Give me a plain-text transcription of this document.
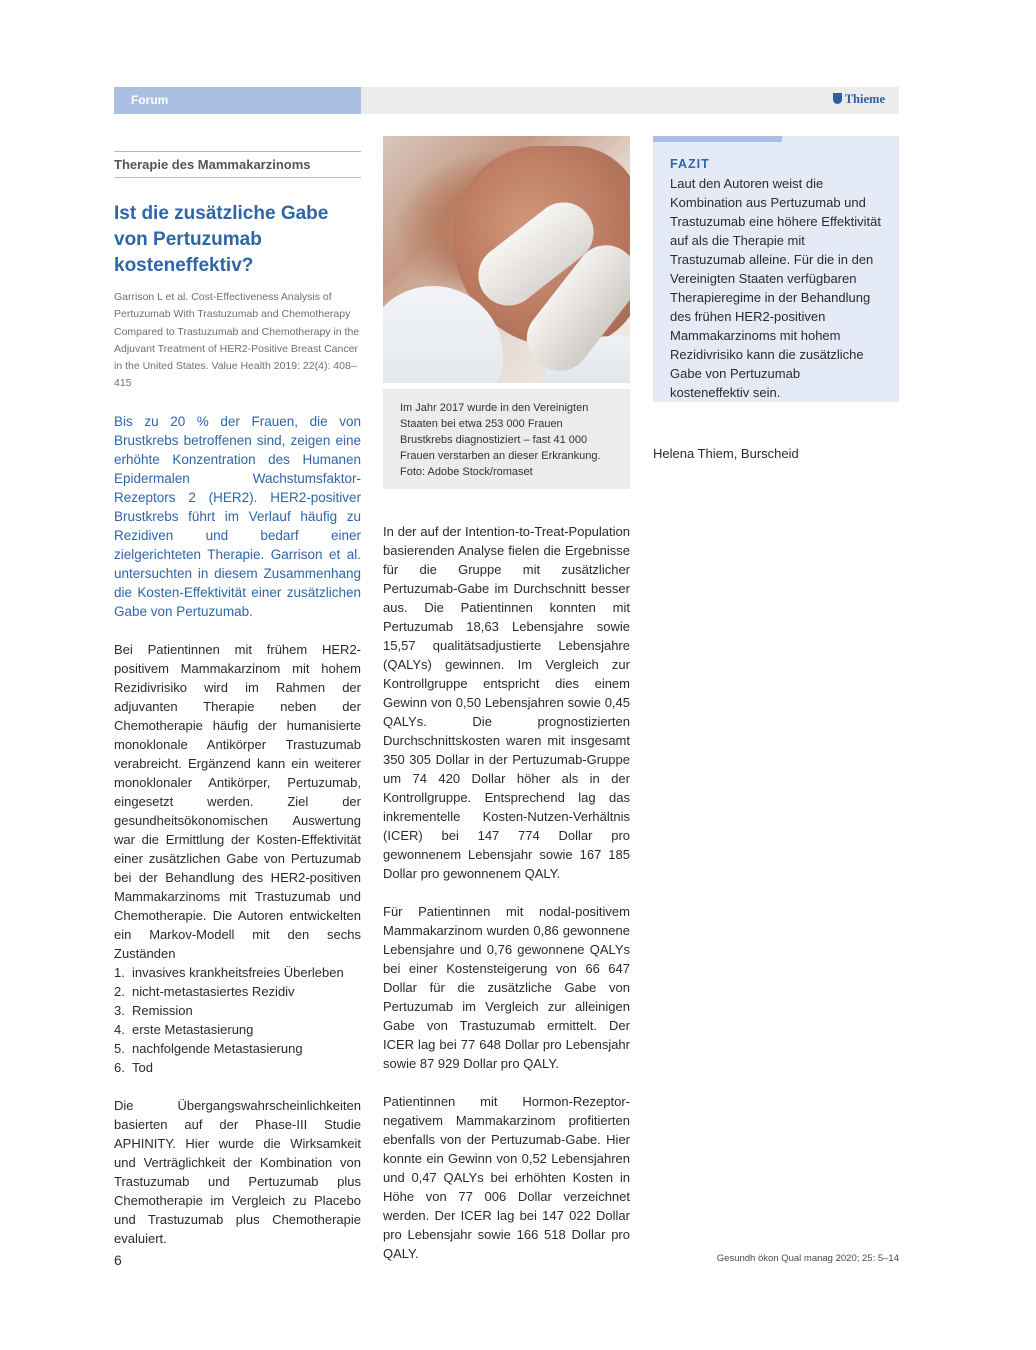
Forum	Thieme
Therapie des Mammakarzinoms
Ist die zusätzliche Gabe von Pertuzumab kosteneffektiv?

Garrison L et al. Cost-Effectiveness Analysis of Pertuzumab With Trastuzumab and Chemotherapy Compared to Trastuzumab and Chemotherapy in the Adjuvant Treatment of HER2-Positive Breast Cancer in the United States. Value Health 2019: 22(4): 408–415

Bis zu 20 % der Frauen, die von Brustkrebs betroffenen sind, zeigen eine erhöhte Konzentration des Humanen Epidermalen Wachstumsfaktor-Rezeptors 2 (HER2). HER2-positiver Brustkrebs führt im Verlauf häufig zu Rezidiven und bedarf einer zielgerichteten Therapie. Garrison et al. untersuchten in diesem Zusammenhang die Kosten-Effektivität einer zusätzlichen Gabe von Pertuzumab.

Bei Patientinnen mit frühem HER2-positivem Mammakarzinom mit hohem Rezidivrisiko wird im Rahmen der adjuvanten Therapie neben der Chemotherapie häufig der humanisierte monoklonale Antikörper Trastuzumab verabreicht. Ergänzend kann ein weiterer monoklonaler Antikörper, Pertuzumab, eingesetzt werden. Ziel der gesundheitsökonomischen Auswertung war die Ermittlung der Kosten-Effektivität einer zusätzlichen Gabe von Pertuzumab bei der Behandlung des HER2-positiven Mammakarzinoms mit Trastuzumab und Chemotherapie. Die Autoren entwickelten ein Markov-Modell mit den sechs Zuständen

1. invasives krankheitsfreies Überleben
2. nicht-metastasiertes Rezidiv
3. Remission
4. erste Metastasierung
5. nachfolgende Metastasierung
6. Tod

Die Übergangswahrscheinlichkeiten basierten auf der Phase-III Studie APHINITY. Hier wurde die Wirksamkeit und Verträglichkeit der Kombination von Trastuzumab und Pertuzumab plus Chemotherapie im Vergleich zu Placebo und Trastuzumab plus Chemotherapie evaluiert.

Im Jahr 2017 wurde in den Vereinigten Staaten bei etwa 253 000 Frauen Brustkrebs diagnostiziert – fast 41 000 Frauen verstarben an dieser Erkrankung. Foto: Adobe Stock/romaset

In der auf der Intention-to-Treat-Population basierenden Analyse fielen die Ergebnisse für die Gruppe mit zusätzlicher Pertuzumab-Gabe im Durchschnitt besser aus. Die Patientinnen konnten mit Pertuzumab 18,63 Lebensjahre sowie 15,57 qualitätsadjustierte Lebensjahre (QALYs) gewinnen. Im Vergleich zur Kontrollgruppe entspricht dies einem Gewinn von 0,50 Lebensjahren sowie 0,45 QALYs. Die prognostizierten Durchschnittskosten waren mit insgesamt 350 305 Dollar in der Pertuzumab-Gruppe um 74 420 Dollar höher als in der Kontrollgruppe. Entsprechend lag das inkrementelle Kosten-Nutzen-Verhältnis (ICER) bei 147 774 Dollar pro gewonnenem Lebensjahr sowie 167 185 Dollar pro gewonnenem QALY.

Für Patientinnen mit nodal-positivem Mammakarzinom wurden 0,86 gewonnene Lebensjahre und 0,76 gewonnene QALYs bei einer Kostensteigerung von 66 647 Dollar für die zusätzliche Gabe von Pertuzumab im Vergleich zur alleinigen Gabe von Trastuzumab ermittelt. Der ICER lag bei 77 648 Dollar pro Lebensjahr sowie 87 929 Dollar pro QALY.

Patientinnen mit Hormon-Rezeptor-negativem Mammakarzinom profitierten ebenfalls von der Pertuzumab-Gabe. Hier konnte ein Gewinn von 0,52 Lebensjahren und 0,47 QALYs bei erhöhten Kosten in Höhe von 77 006 Dollar verzeichnet werden. Der ICER lag bei 147 022 Dollar pro Lebensjahr sowie 166 518 Dollar pro QALY.

FAZIT

Laut den Autoren weist die Kombination aus Pertuzumab und Trastuzumab eine höhere Effektivität auf als die Therapie mit Trastuzumab alleine. Für die in den Vereinigten Staaten verfügbaren Therapieregime in der Behandlung des frühen HER2-positiven Mammakarzinoms mit hohem Rezidivrisiko kann die zusätzliche Gabe von Pertuzumab kosteneffektiv sein.

Helena Thiem, Burscheid

6	Gesundh ökon Qual manag 2020; 25: 5–14
